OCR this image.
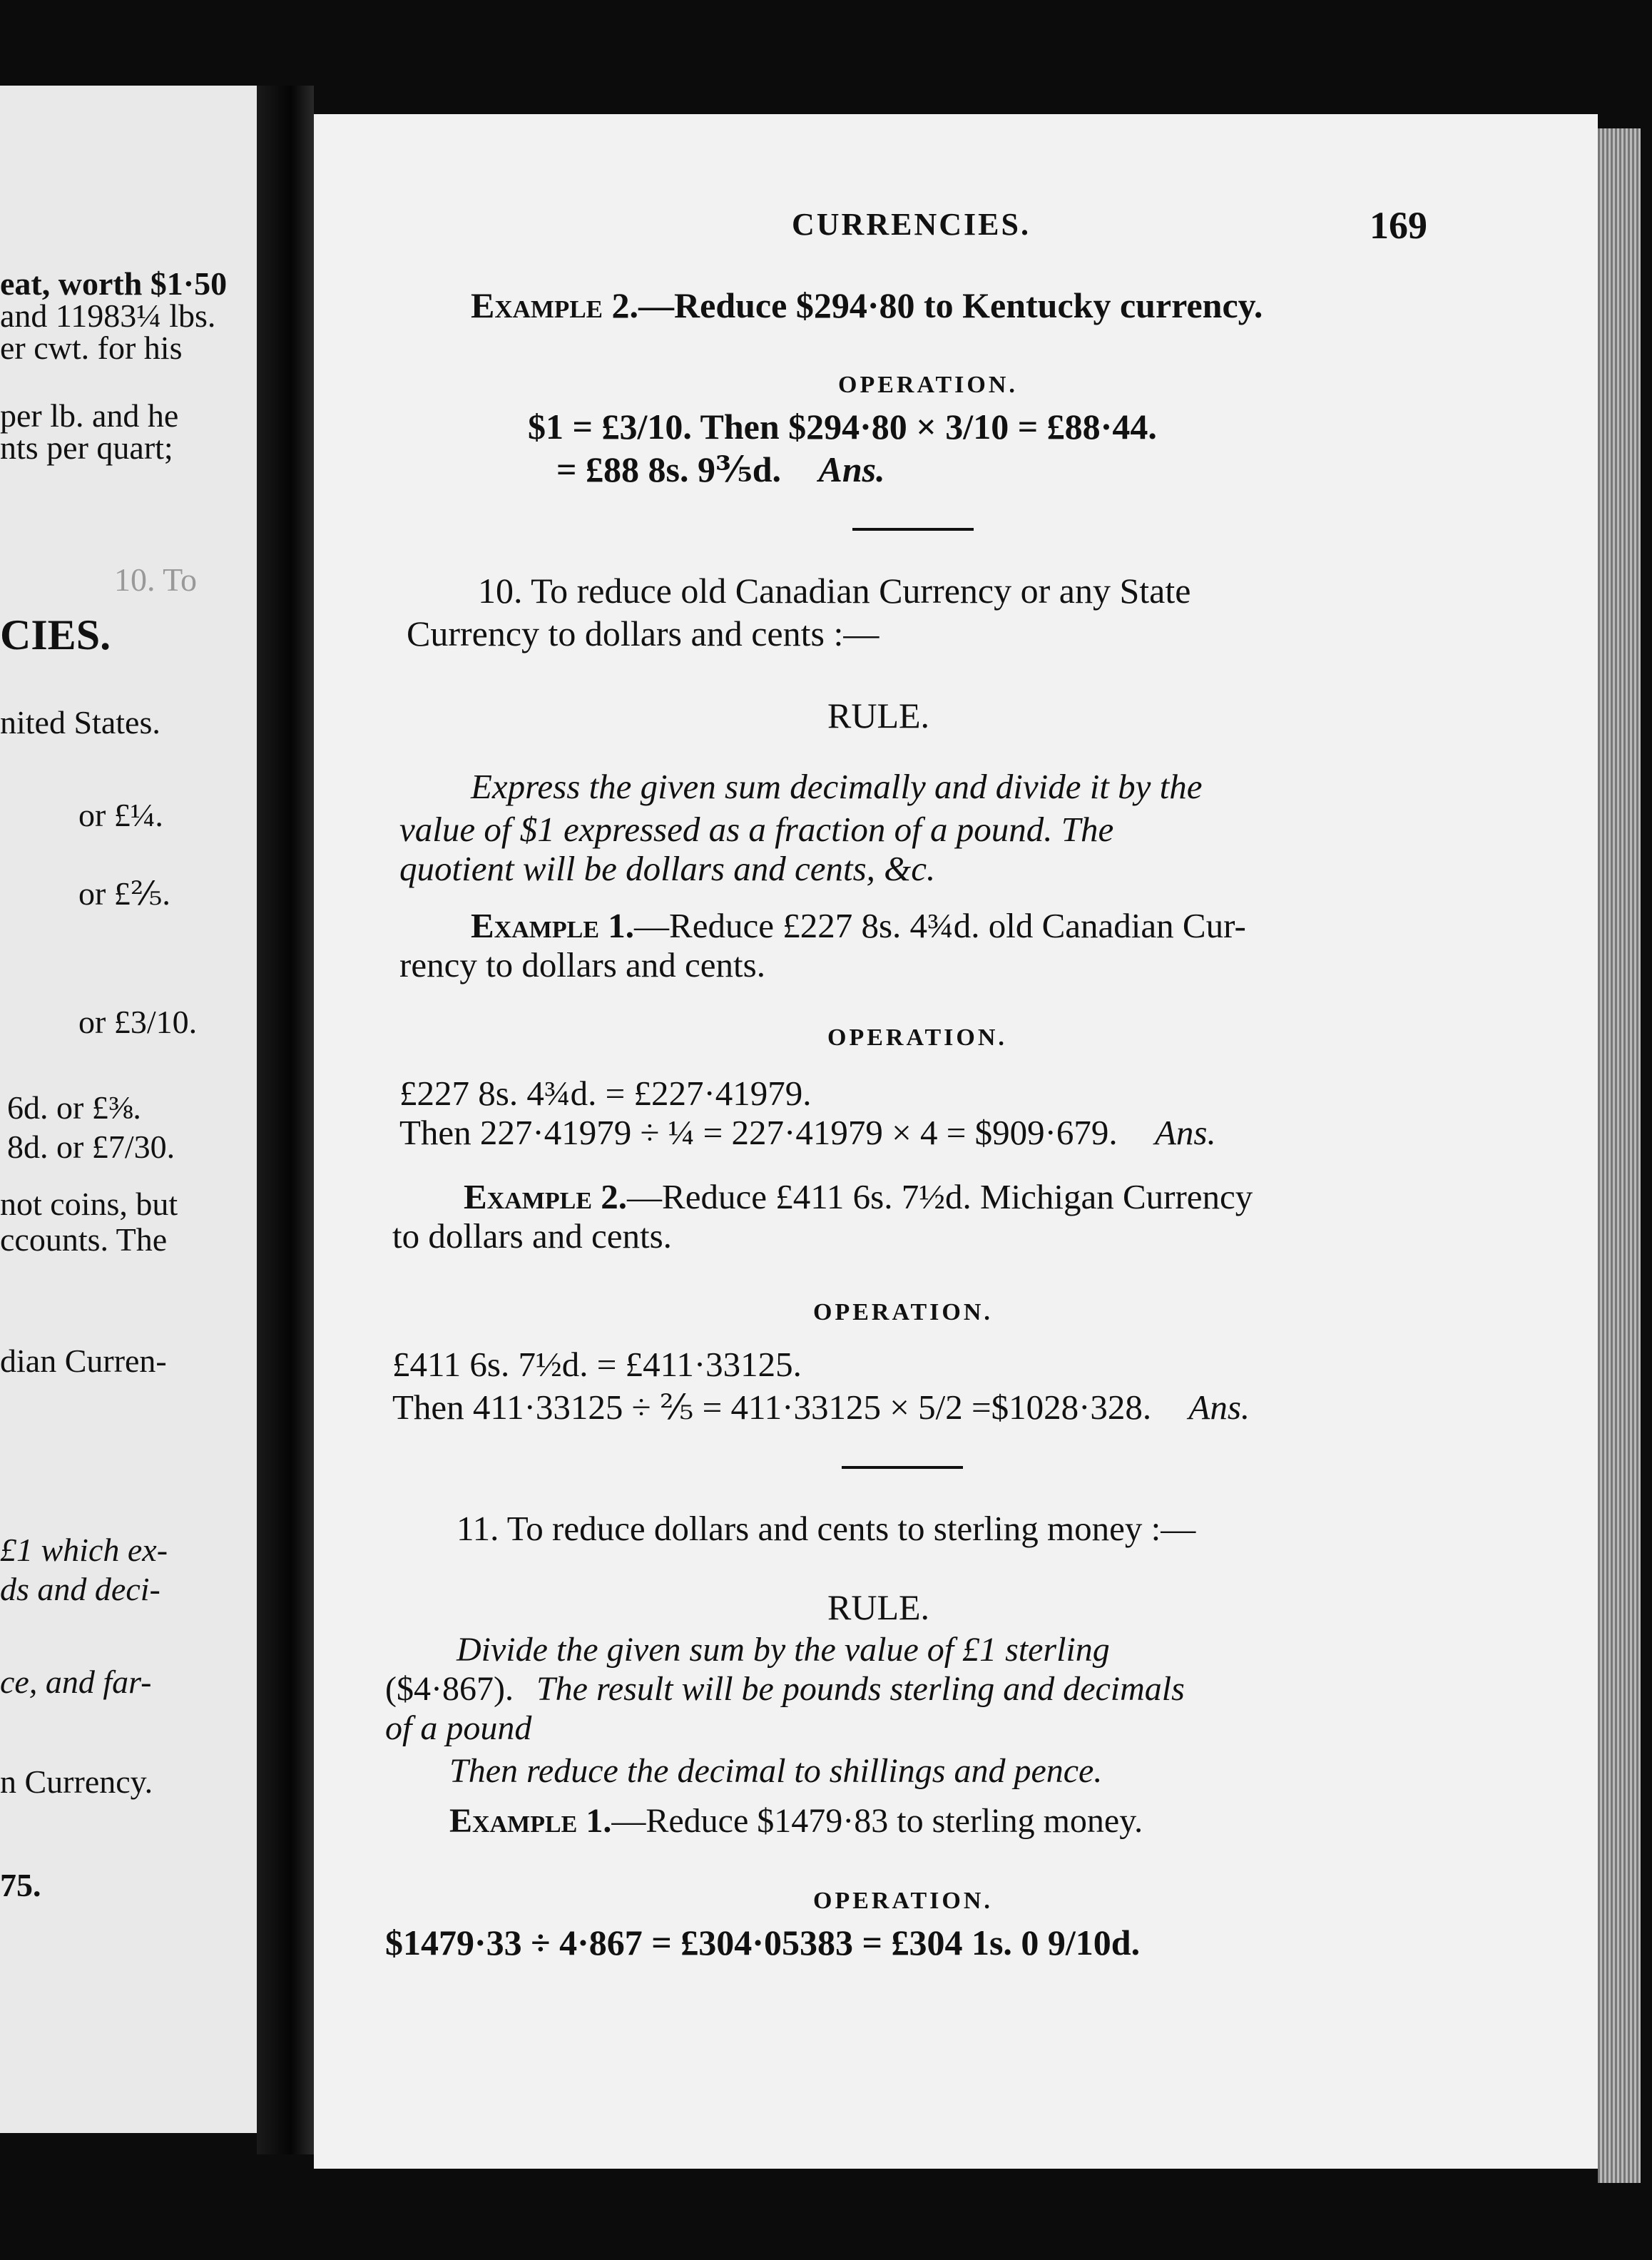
eat, worth $1·50
and 11983¼ lbs.
er cwt. for his
per lb. and he
nts per quart;
10. To
CIES.
nited States.
or £¼.
or £⅖.
or £3/10.
6d. or £⅜.
8d. or £7/30.
not coins, but
ccounts. The
dian Curren-
£1 which ex-
ds and deci-
ce, and far-
n Currency.
75.
CURRENCIES.	169
Example 2.—Reduce $294·80 to Kentucky currency.
OPERATION.
$1 = £3/10. Then $294·80 × 3/10 = £88·44.
= £88 8s. 9⅗d. Ans.
10. To reduce old Canadian Currency or any State
Currency to dollars and cents :—
RULE.
Express the given sum decimally and divide it by the
value of $1 expressed as a fraction of a pound. The
quotient will be dollars and cents, &c.
Example 1.—Reduce £227 8s. 4¾d. old Canadian Cur-
rency to dollars and cents.
OPERATION.
£227 8s. 4¾d. = £227·41979.
Then 227·41979 ÷ ¼ = 227·41979 × 4 = $909·679. Ans.
Example 2.—Reduce £411 6s. 7½d. Michigan Currency
to dollars and cents.
OPERATION.
£411 6s. 7½d. = £411·33125.
Then 411·33125 ÷ ⅖ = 411·33125 × 5/2 =$1028·328. Ans.
11. To reduce dollars and cents to sterling money :—
RULE.
Divide the given sum by the value of £1 sterling
($4·867). The result will be pounds sterling and decimals
of a pound
Then reduce the decimal to shillings and pence.
Example 1.—Reduce $1479·83 to sterling money.
OPERATION.
$1479·33 ÷ 4·867 = £304·05383 = £304 1s. 0 9/10d.
